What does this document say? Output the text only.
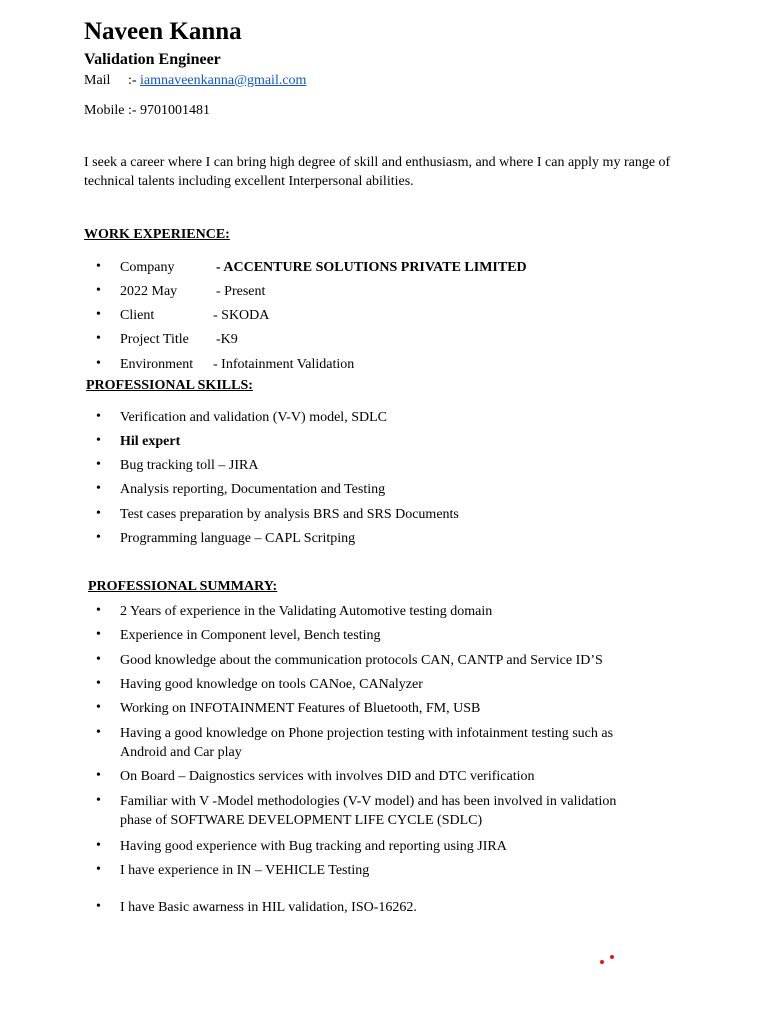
Naveen Kanna
Validation Engineer
Mail     :- iamnaveenkanna@gmail.com
Mobile :- 9701001481
I seek a career where I can bring high degree of skill and enthusiasm, and where I can apply my range of technical talents including excellent Interpersonal abilities.
WORK EXPERIENCE:
• Company	- ACCENTURE SOLUTIONS PRIVATE LIMITED
• 2022 May	- Present
• Client	- SKODA
• Project Title -K9
• Environment - Infotainment Validation
PROFESSIONAL SKILLS:
• Verification and validation (V-V) model, SDLC
• Hil expert
• Bug tracking toll – JIRA
• Analysis reporting, Documentation and Testing
• Test cases preparation by analysis BRS and SRS Documents
• Programming language – CAPL Scritping
PROFESSIONAL SUMMARY:
• 2 Years of experience in the Validating Automotive testing domain
• Experience in Component level, Bench testing
• Good knowledge about the communication protocols CAN, CANTP and Service ID’S
• Having good knowledge on tools CANoe, CANalyzer
• Working on INFOTAINMENT Features of Bluetooth, FM, USB
• Having a good knowledge on Phone projection testing with infotainment testing such as
Android and Car play
• On Board – Daignostics services with involves DID and DTC verification
• Familiar with V -Model methodologies (V-V model) and has been involved in validation
phase of SOFTWARE DEVELOPMENT LIFE CYCLE (SDLC)
• Having good experience with Bug tracking and reporting using JIRA
• I have experience in IN – VEHICLE Testing
• I have Basic awarness in HIL validation, ISO-16262.
